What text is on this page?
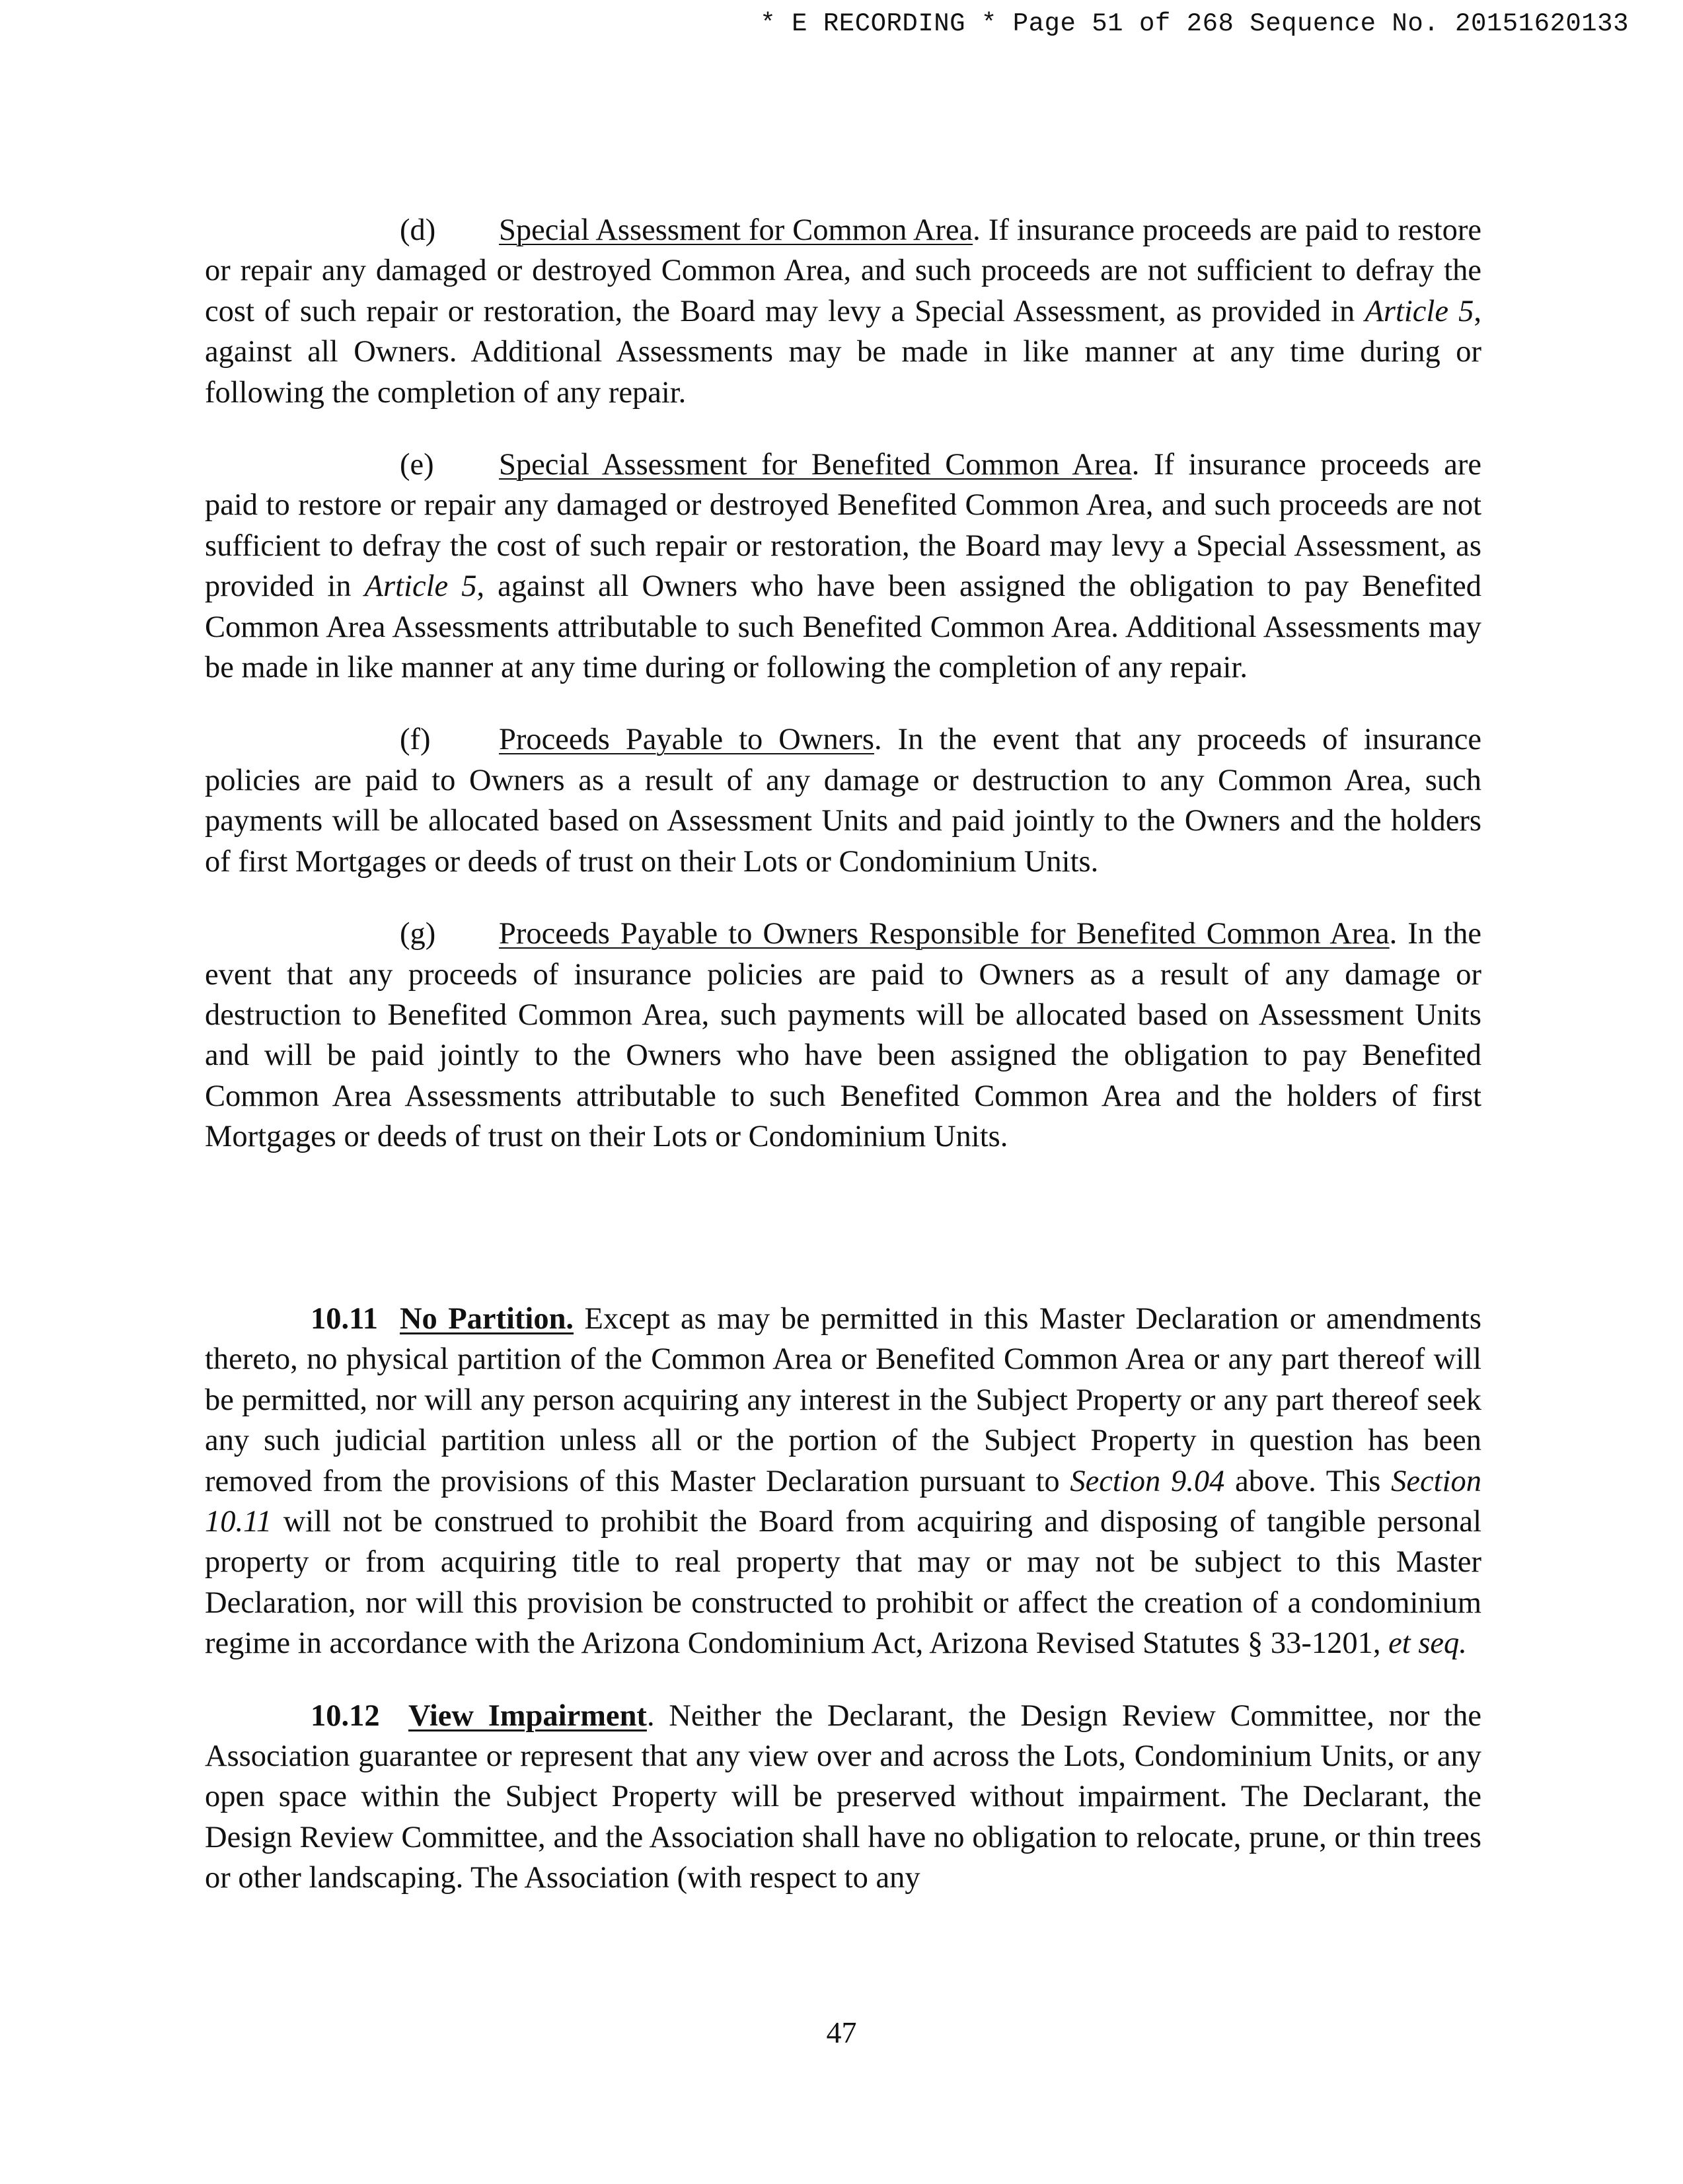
* E RECORDING * Page 51 of 268 Sequence No. 20151620133

(d) Special Assessment for Common Area. If insurance proceeds are paid to restore or repair any damaged or destroyed Common Area, and such proceeds are not sufficient to defray the cost of such repair or restoration, the Board may levy a Special Assessment, as provided in Article 5, against all Owners. Additional Assessments may be made in like manner at any time during or following the completion of any repair.

(e) Special Assessment for Benefited Common Area. If insurance proceeds are paid to restore or repair any damaged or destroyed Benefited Common Area, and such proceeds are not sufficient to defray the cost of such repair or restoration, the Board may levy a Special Assessment, as provided in Article 5, against all Owners who have been assigned the obligation to pay Benefited Common Area Assessments attributable to such Benefited Common Area. Additional Assessments may be made in like manner at any time during or following the completion of any repair.

(f) Proceeds Payable to Owners. In the event that any proceeds of insurance policies are paid to Owners as a result of any damage or destruction to any Common Area, such payments will be allocated based on Assessment Units and paid jointly to the Owners and the holders of first Mortgages or deeds of trust on their Lots or Condominium Units.

(g) Proceeds Payable to Owners Responsible for Benefited Common Area. In the event that any proceeds of insurance policies are paid to Owners as a result of any damage or destruction to Benefited Common Area, such payments will be allocated based on Assessment Units and will be paid jointly to the Owners who have been assigned the obligation to pay Benefited Common Area Assessments attributable to such Benefited Common Area and the holders of first Mortgages or deeds of trust on their Lots or Condominium Units.

10.11 No Partition. Except as may be permitted in this Master Declaration or amendments thereto, no physical partition of the Common Area or Benefited Common Area or any part thereof will be permitted, nor will any person acquiring any interest in the Subject Property or any part thereof seek any such judicial partition unless all or the portion of the Subject Property in question has been removed from the provisions of this Master Declaration pursuant to Section 9.04 above. This Section 10.11 will not be construed to prohibit the Board from acquiring and disposing of tangible personal property or from acquiring title to real property that may or may not be subject to this Master Declaration, nor will this provision be constructed to prohibit or affect the creation of a condominium regime in accordance with the Arizona Condominium Act, Arizona Revised Statutes § 33-1201, et seq.

10.12 View Impairment. Neither the Declarant, the Design Review Committee, nor the Association guarantee or represent that any view over and across the Lots, Condominium Units, or any open space within the Subject Property will be preserved without impairment. The Declarant, the Design Review Committee, and the Association shall have no obligation to relocate, prune, or thin trees or other landscaping. The Association (with respect to any

47
